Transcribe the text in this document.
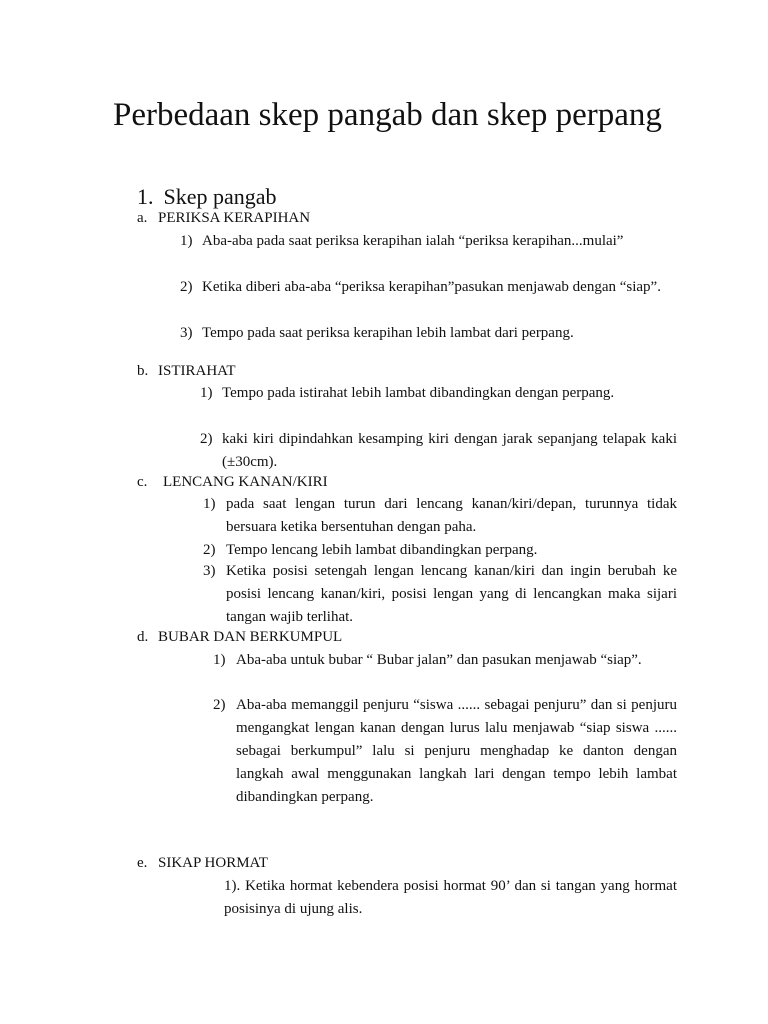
Perbedaan skep pangab dan skep perpang
1. Skep pangab
a. PERIKSA KERAPIHAN
1) Aba-aba pada saat periksa kerapihan ialah “periksa kerapihan...mulai”
2) Ketika diberi aba-aba “periksa kerapihan”pasukan menjawab dengan “siap”.
3) Tempo pada saat periksa kerapihan lebih lambat dari perpang.
b. ISTIRAHAT
1) Tempo pada istirahat lebih lambat dibandingkan dengan perpang.
2) kaki kiri dipindahkan kesamping kiri dengan jarak sepanjang telapak kaki (±30cm).
c. LENCANG KANAN/KIRI
1) pada saat lengan turun dari lencang kanan/kiri/depan, turunnya tidak bersuara ketika bersentuhan dengan paha.
2) Tempo lencang lebih lambat dibandingkan perpang.
3) Ketika posisi setengah lengan lencang kanan/kiri dan ingin berubah ke posisi lencang kanan/kiri, posisi lengan yang di lencangkan maka sijari tangan wajib terlihat.
d. BUBAR DAN BERKUMPUL
1) Aba-aba untuk bubar “ Bubar jalan” dan pasukan menjawab “siap”.
2) Aba-aba memanggil penjuru “siswa ...... sebagai penjuru” dan si penjuru mengangkat lengan kanan dengan lurus lalu menjawab “siap siswa ...... sebagai berkumpul” lalu si penjuru menghadap ke danton dengan langkah awal menggunakan langkah lari dengan tempo lebih lambat dibandingkan perpang.
e. SIKAP HORMAT
1). Ketika hormat kebendera posisi hormat 90’ dan si tangan yang hormat posisinya di ujung alis.
